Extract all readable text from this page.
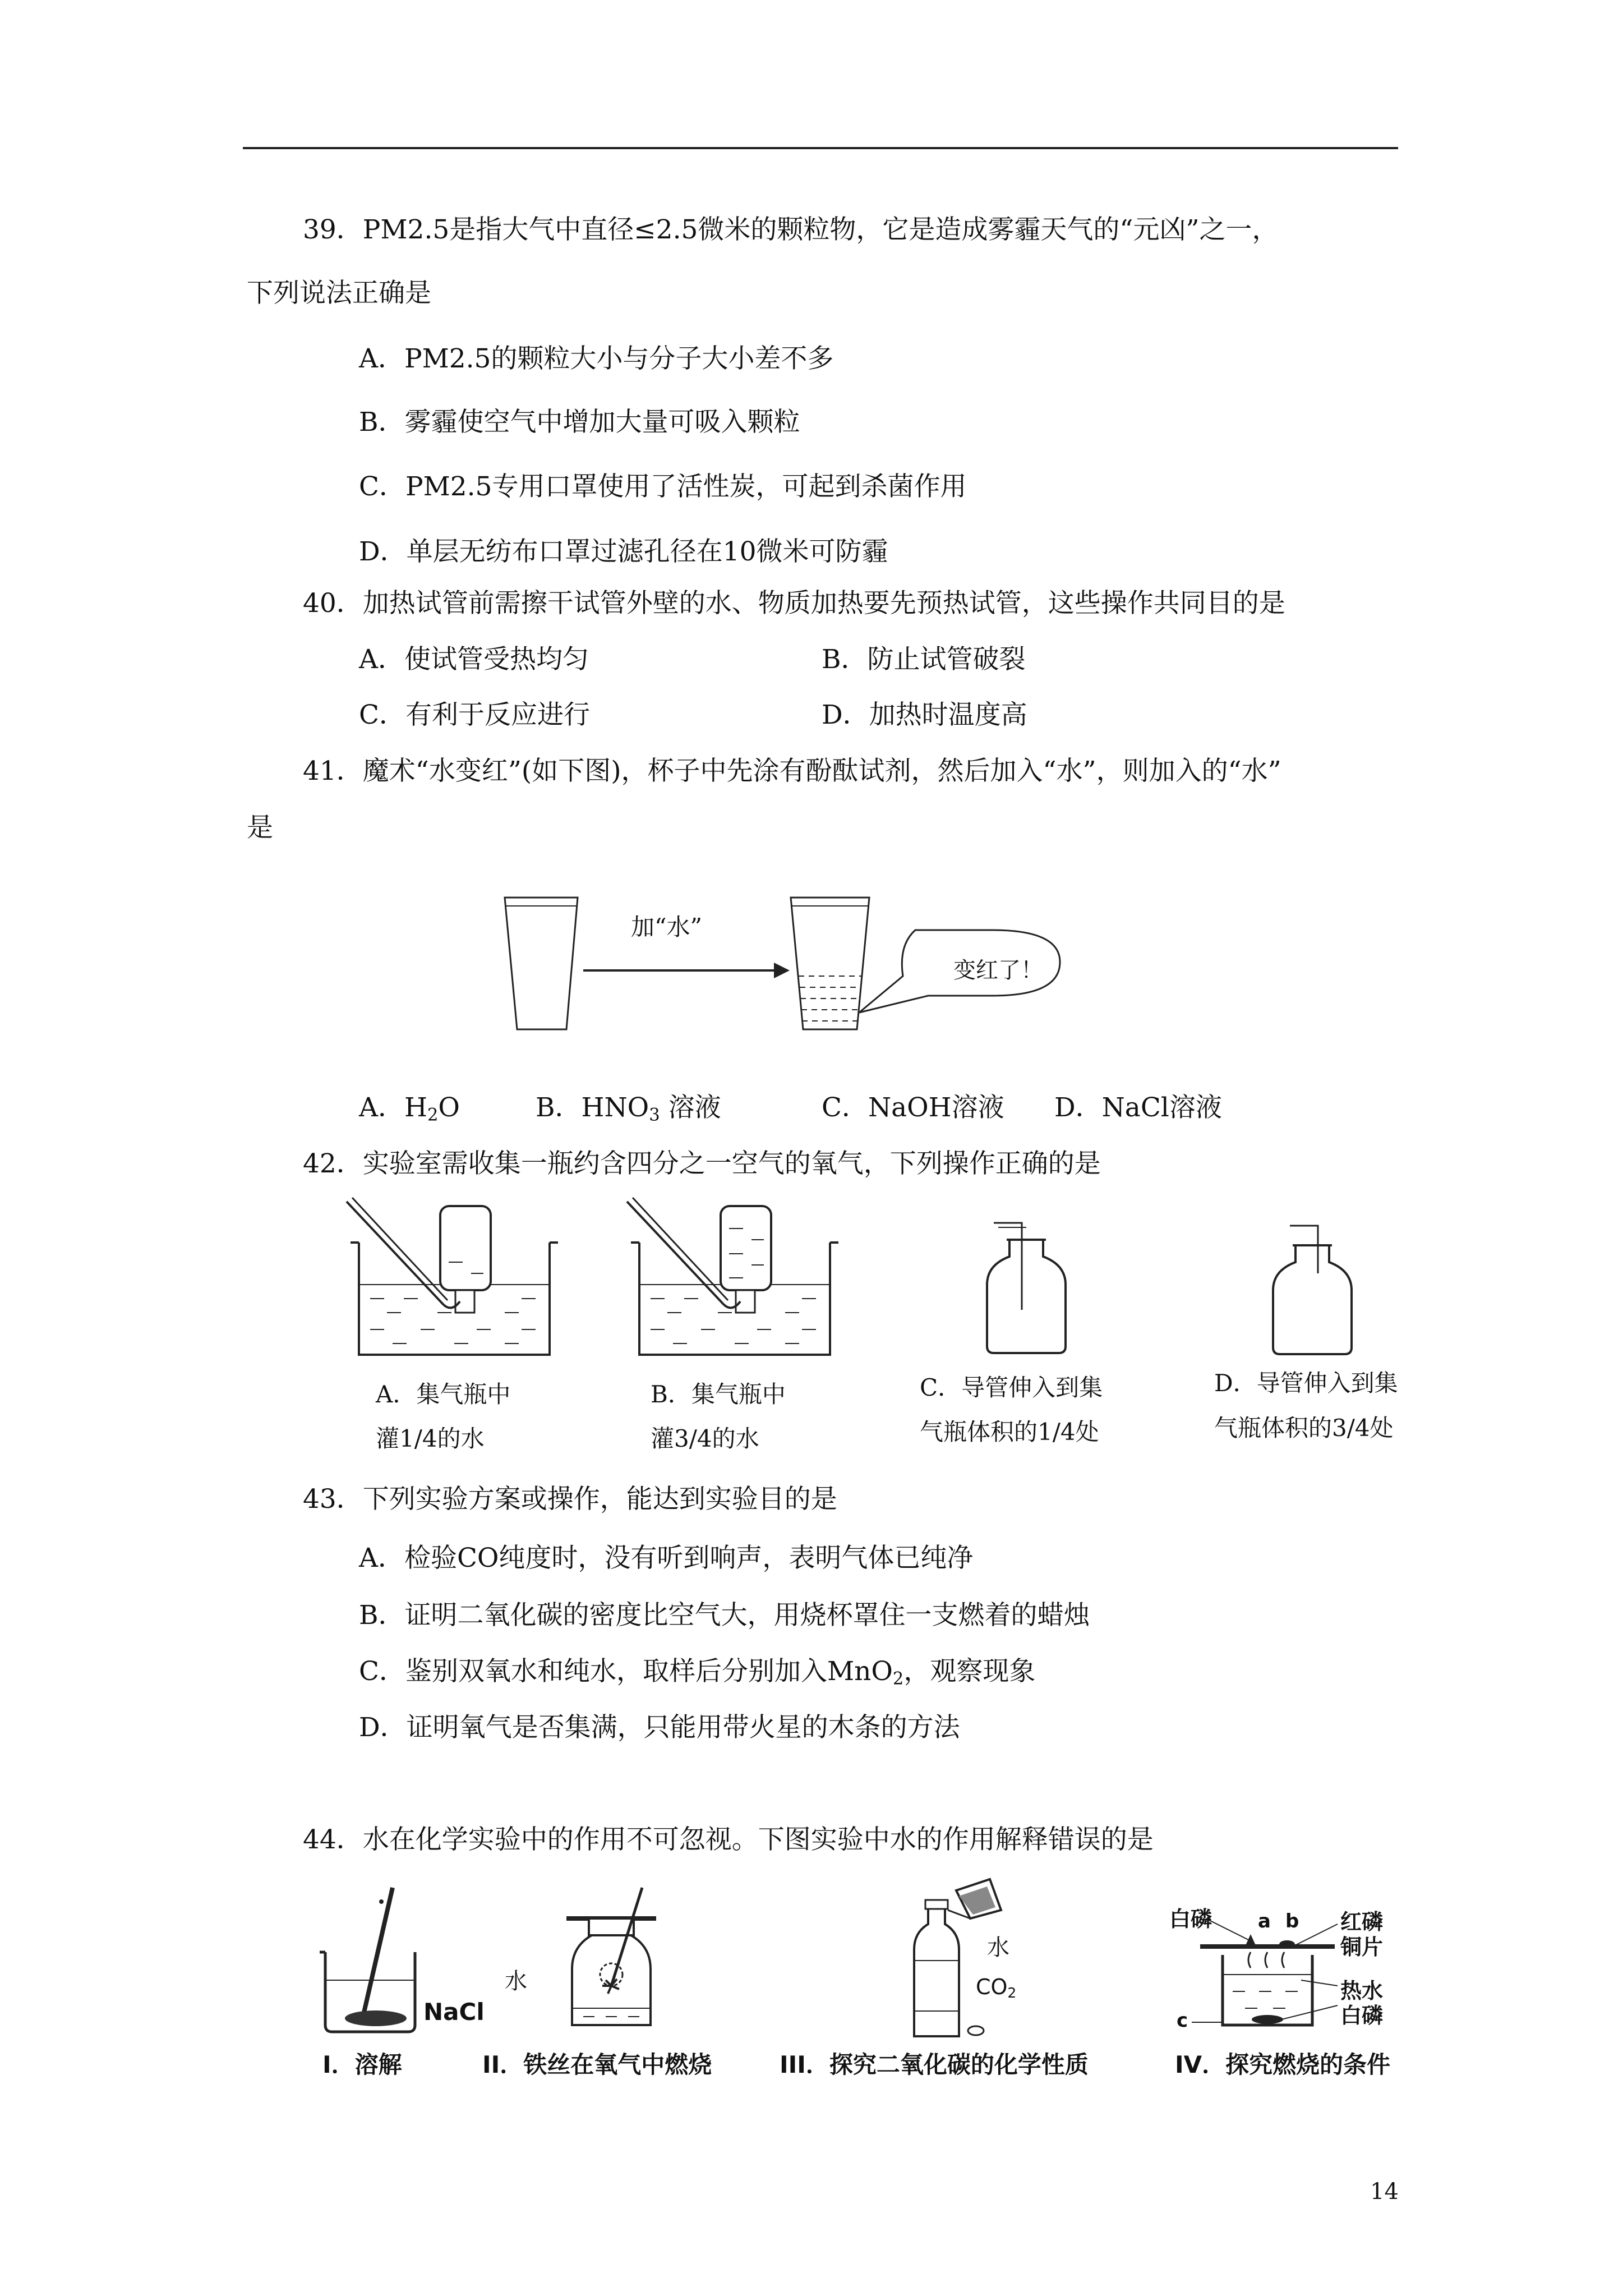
39．PM2.5是指大气中直径≤2.5微米的颗粒物，它是造成雾霾天气的“元凶”之一，
下列说法正确是
A．PM2.5的颗粒大小与分子大小差不多
B．雾霾使空气中增加大量可吸入颗粒
C．PM2.5专用口罩使用了活性炭，可起到杀菌作用
D．单层无纺布口罩过滤孔径在10微米可防霾
40．加热试管前需擦干试管外壁的水、物质加热要先预热试管，这些操作共同目的是
A．使试管受热均匀	B．防止试管破裂
C．有利于反应进行	D．加热时温度高
41．魔术“水变红”(如下图)，杯子中先涂有酚酞试剂，然后加入“水”，则加入的“水”
是
加“水”
变红了！
A．$H_2O$	B．$HNO_3$ 溶液	C．NaOH溶液 D．NaCl溶液
42．实验室需收集一瓶约含四分之一空气的氧气，下列操作正确的是
A．集气瓶中
灌1/4的水
B．集气瓶中
灌3/4的水
C．导管伸入到集
气瓶体积的1/4处
D．导管伸入到集
气瓶体积的3/4处
43．下列实验方案或操作，能达到实验目的是
A．检验CO纯度时，没有听到响声，表明气体已纯净
B．证明二氧化碳的密度比空气大，用烧杯罩住一支燃着的蜡烛
C．鉴别双氧水和纯水，取样后分别加入MnO$_2$，观察现象
D．证明氧气是否集满，只能用带火星的木条的方法
44．水在化学实验中的作用不可忽视。下图实验中水的作用解释错误的是
NaCl
水
水
$CO_2$
白磷 a b 红磷
铜片
热水
白磷
c
I．溶解	II．铁丝在氧气中燃烧	III．探究二氧化碳的化学性质	IV．探究燃烧的条件
14
